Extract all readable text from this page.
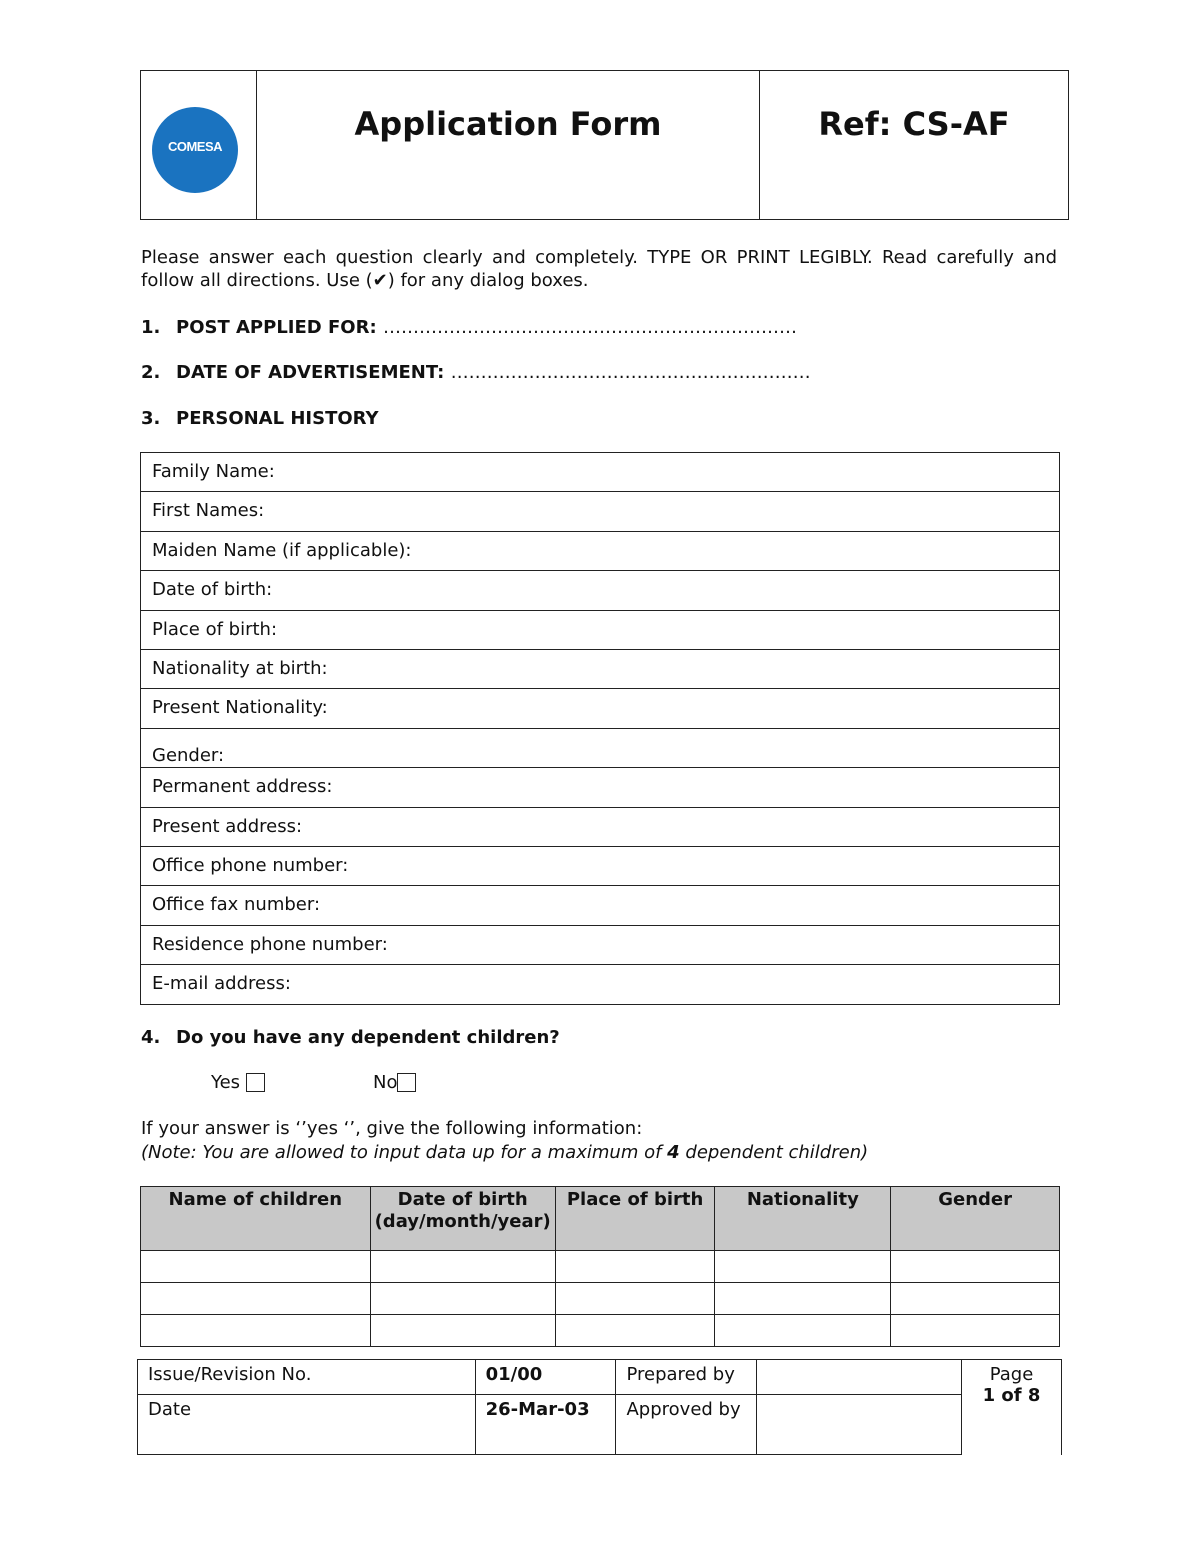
COMESA
Application Form	Ref: CS-AF
Please answer each question clearly and completely. TYPE OR PRINT LEGIBLY. Read carefully and follow all directions. Use (✔) for any dialog boxes.
1. POST APPLIED FOR: ……………………………………………………………
2. DATE OF ADVERTISEMENT: ……………………………………………………
3. PERSONAL HISTORY
Family Name:
First Names:
Maiden Name (if applicable):
Date of birth:
Place of birth:
Nationality at birth:
Present Nationality:
Gender:
Permanent address:
Present address:
Office phone number:
Office fax number:
Residence phone number:
E-mail address:
4. Do you have any dependent children?
Yes	No
If your answer is ‘’yes ‘’, give the following information:
(Note: You are allowed to input data up for a maximum of 4 dependent children)
Name of children	Date of birth (day/month/year)	Place of birth	Nationality	Gender

Issue/Revision No.	01/00	Prepared by		Page
1 of 8

Date	26-Mar-03	Approved by		
